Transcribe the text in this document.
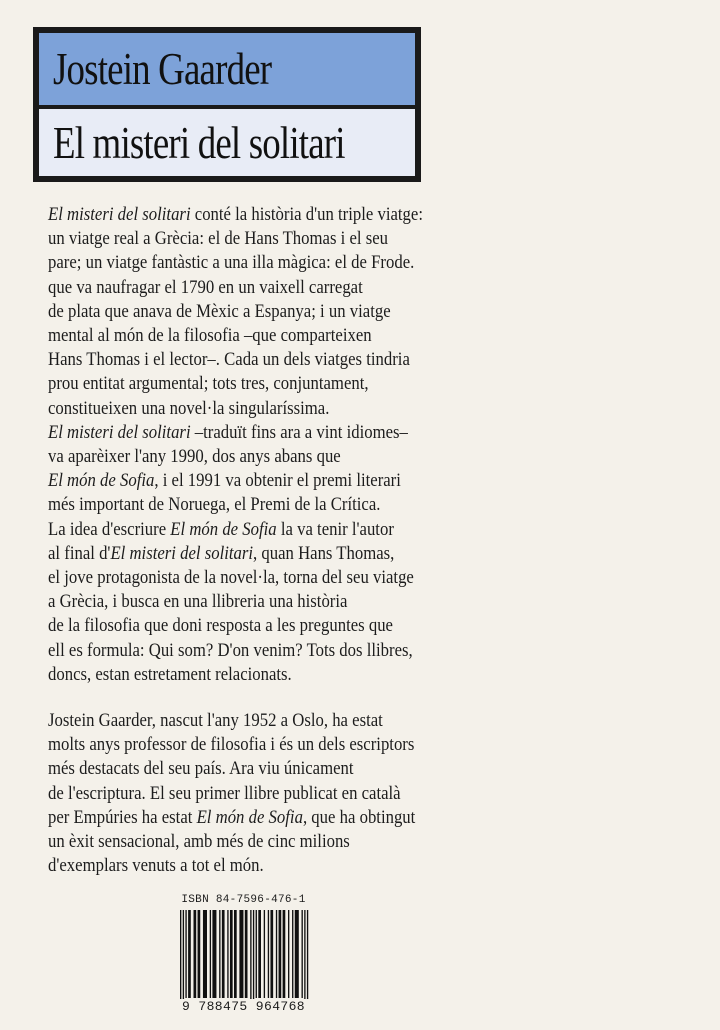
Jostein Gaarder
El misteri del solitari

El misteri del solitari conté la història d'un triple viatge:

un viatge real a Grècia: el de Hans Thomas i el seu

pare; un viatge fantàstic a una illa màgica: el de Frode.

que va naufragar el 1790 en un vaixell carregat

de plata que anava de Mèxic a Espanya; i un viatge

mental al món de la filosofia –que comparteixen

Hans Thomas i el lector–. Cada un dels viatges tindria

prou entitat argumental; tots tres, conjuntament,

constitueixen una novel·la singularíssima.

El misteri del solitari –traduït fins ara a vint idiomes–

va aparèixer l'any 1990, dos anys abans que

El món de Sofia, i el 1991 va obtenir el premi literari

més important de Noruega, el Premi de la Crítica.

La idea d'escriure El món de Sofia la va tenir l'autor

al final d'El misteri del solitari, quan Hans Thomas,

el jove protagonista de la novel·la, torna del seu viatge

a Grècia, i busca en una llibreria una història

de la filosofia que doni resposta a les preguntes que

ell es formula: Qui som? D'on venim? Tots dos llibres,

doncs, estan estretament relacionats.

Jostein Gaarder, nascut l'any 1952 a Oslo, ha estat

molts anys professor de filosofia i és un dels escriptors

més destacats del seu país. Ara viu únicament

de l'escriptura. El seu primer llibre publicat en català

per Empúries ha estat El món de Sofia, que ha obtingut

un èxit sensacional, amb més de cinc milions

d'exemplars venuts a tot el món.

ISBN 84-7596-476-1
9 788475 964768
